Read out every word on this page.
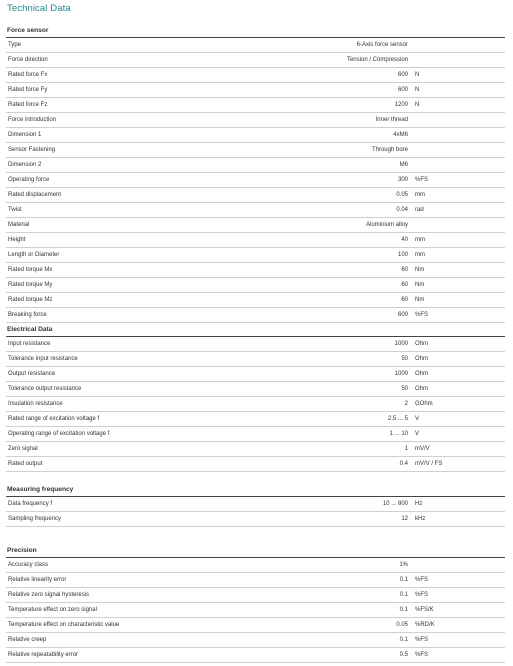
Technical Data
Force sensor
Type	6-Axis force sensor
Force direction	Tension / Compression
Rated force Fx	600 N
Rated force Fy	600 N
Rated force Fz	1200 N
Force introduction	Inner thread
Dimension 1	4xM6
Sensor Fastening	Through bore
Dimension 2	M6
Operating force	300 %FS
Rated displacement	0.05 mm
Twist	0.04 rad
Material	Aluminium alloy
Height	40 mm
Length or Diameter	100 mm
Rated torque Mx	60 Nm
Rated torque My	60 Nm
Rated torque Mz	60 Nm
Breaking force	600 %FS
Electrical Data
Input resistance	1000 Ohm
Tolerance input resistance	50 Ohm
Output resistance	1000 Ohm
Tolerance output resistance	50 Ohm
Insulation resistance	2 GOhm
Rated range of excitation voltage f	2.5 ... 5 V
Operating range of excitation voltage f	1 ... 10 V
Zero signal	1 mV/V
Rated output	0.4 mV/V / FS
Measuring frequency
Data frequency f	10 ... 800 Hz
Sampling frequency	12 kHz
Precision
Accuracy class	1%
Relative linearity error	0.1 %FS
Relative zero signal hysteresis	0.1 %FS
Temperature effect on zero signal	0.1 %FS/K
Temperature effect on characteristic value	0.05 %RD/K
Relative creep	0.1 %FS
Relative repeatability error	0.5 %FS
